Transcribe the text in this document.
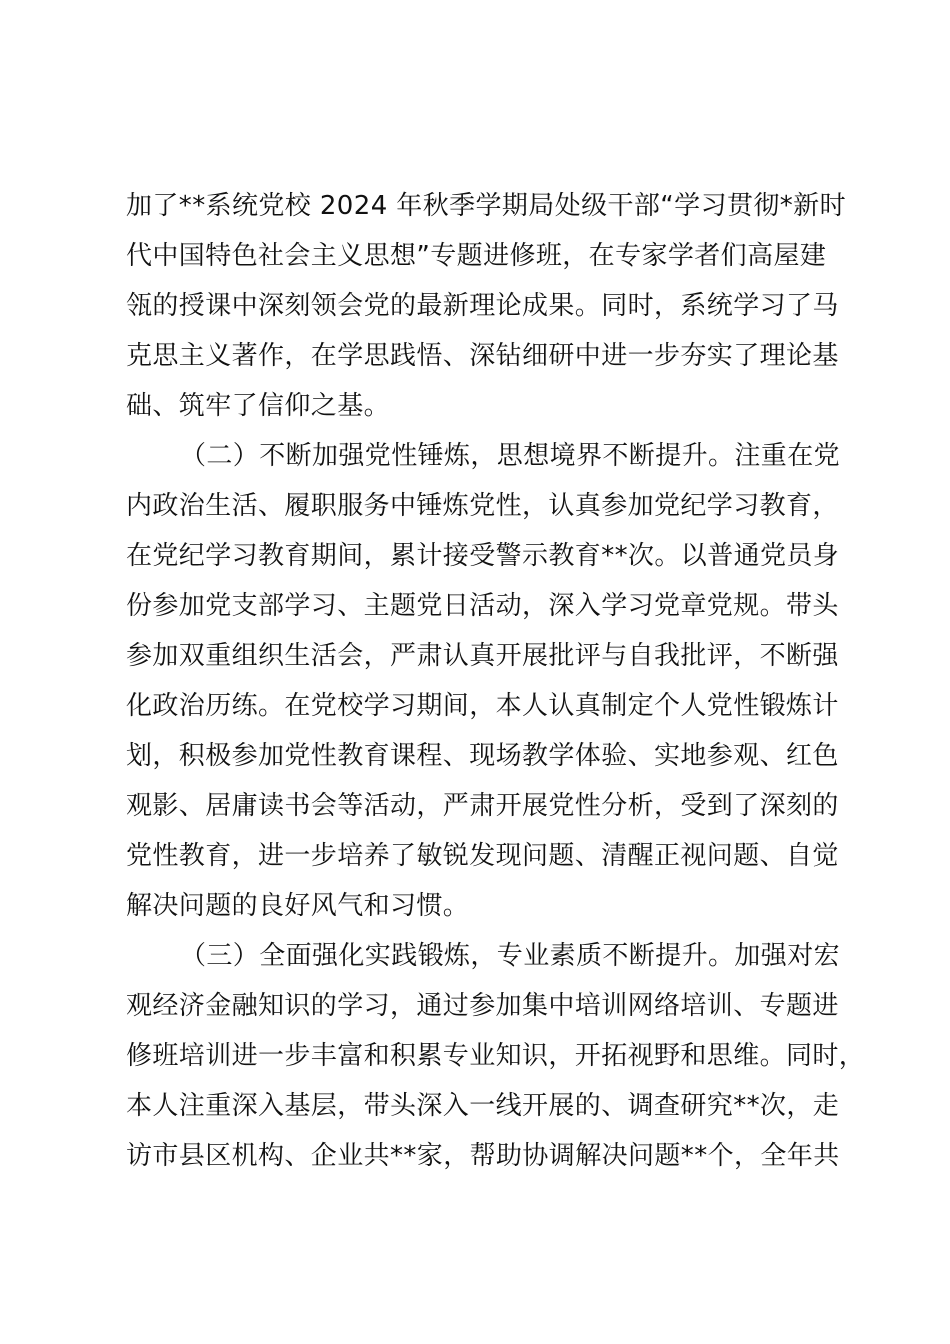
加了**系统党校 2024 年秋季学期局处级干部“学习贯彻*新时
代中国特色社会主义思想”专题进修班，在专家学者们高屋建
瓴的授课中深刻领会党的最新理论成果。同时，系统学习了马
克思主义著作，在学思践悟、深钻细研中进一步夯实了理论基
础、筑牢了信仰之基。
（二）不断加强党性锤炼，思想境界不断提升。注重在党
内政治生活、履职服务中锤炼党性，认真参加党纪学习教育，
在党纪学习教育期间，累计接受警示教育**次。以普通党员身
份参加党支部学习、主题党日活动，深入学习党章党规。带头
参加双重组织生活会，严肃认真开展批评与自我批评，不断强
化政治历练。在党校学习期间，本人认真制定个人党性锻炼计
划，积极参加党性教育课程、现场教学体验、实地参观、红色
观影、居庸读书会等活动，严肃开展党性分析，受到了深刻的
党性教育，进一步培养了敏锐发现问题、清醒正视问题、自觉
解决问题的良好风气和习惯。
（三）全面强化实践锻炼，专业素质不断提升。加强对宏
观经济金融知识的学习，通过参加集中培训网络培训、专题进
修班培训进一步丰富和积累专业知识，开拓视野和思维。同时，
本人注重深入基层，带头深入一线开展的、调查研究**次，走
访市县区机构、企业共**家，帮助协调解决问题**个，全年共
